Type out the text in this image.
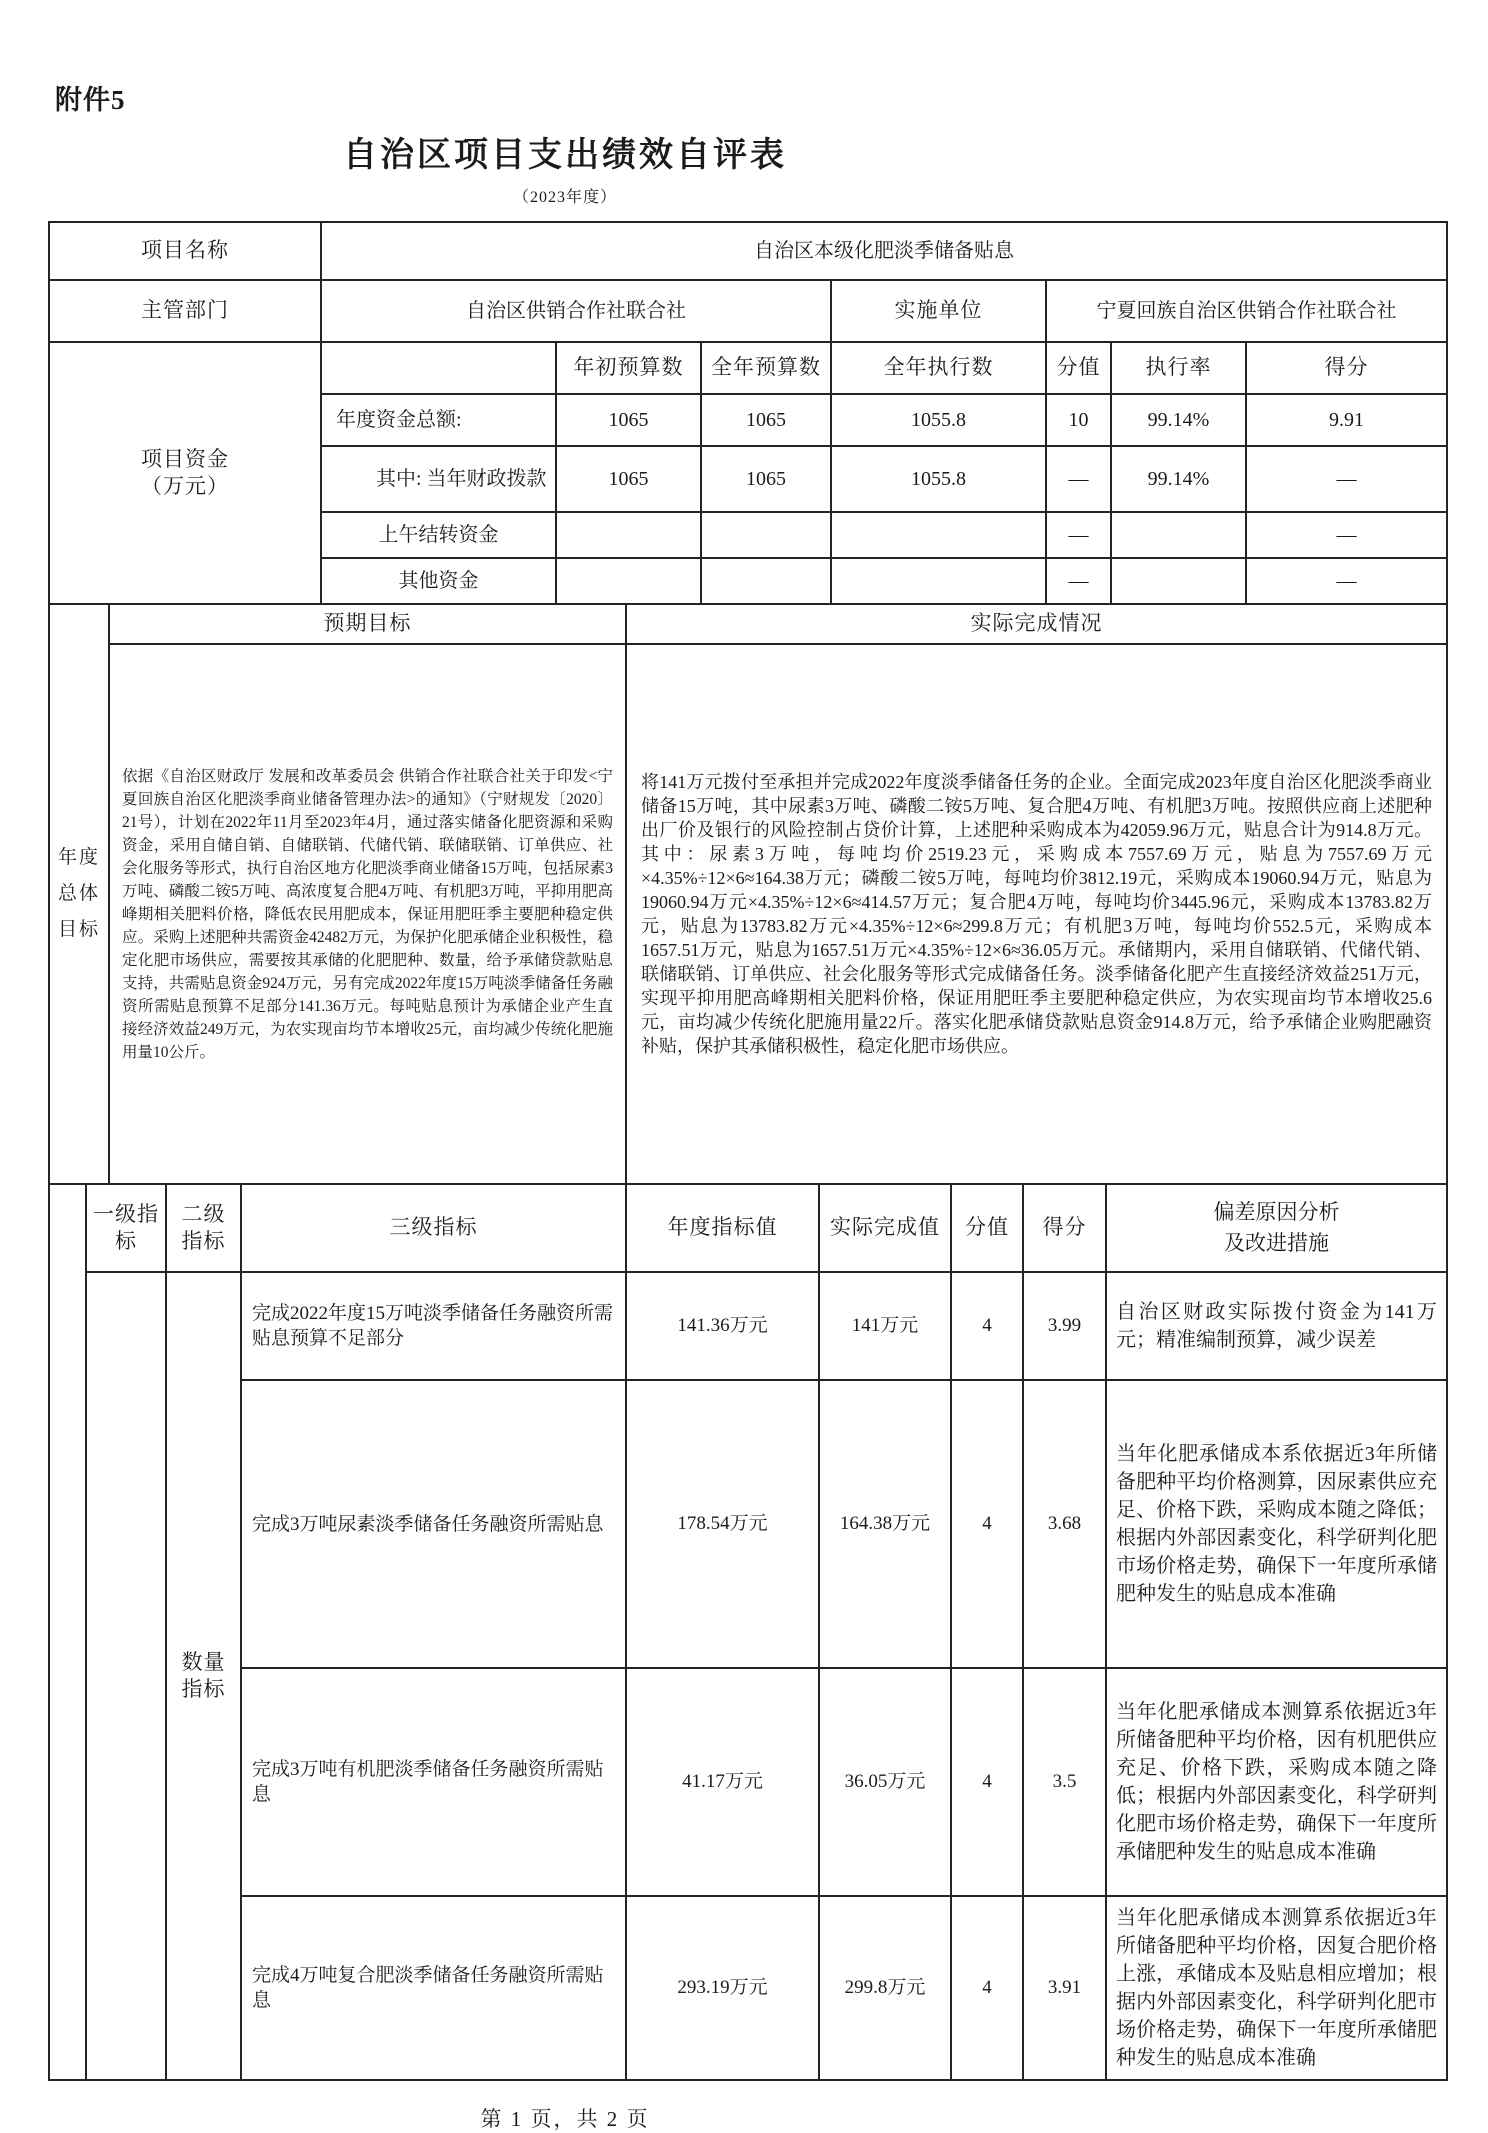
附件5
自治区项目支出绩效自评表
（2023年度）
项目名称	自治区本级化肥淡季储备贴息						
主管部门	自治区供销合作社联合社			实施单位	宁夏回族自治区供销合作社联合社		

项目资金
（万元）		年初预算数	全年预算数	全年执行数	分值	执行率	得分
	年度资金总额:	1065	1065	1055.8	10	99.14%	9.91
	其中: 当年财政拨款	1065	1065	1055.8	—	99.14%	—
	上午结转资金				—		—
	其他资金				—		—
年度总体目标	预期目标	实际完成情况
依据《自治区财政厅 发展和改革委员会 供销合作社联合社关于印发<宁夏回族自治区化肥淡季商业储备管理办法>的通知》（宁财规发〔2020〕21号），计划在2022年11月至2023年4月，通过落实储备化肥资源和采购资金，采用自储自销、自储联销、代储代销、联储联销、订单供应、社会化服务等形式，执行自治区地方化肥淡季商业储备15万吨，包括尿素3万吨、磷酸二铵5万吨、高浓度复合肥4万吨、有机肥3万吨，平抑用肥高峰期相关肥料价格，降低农民用肥成本，保证用肥旺季主要肥种稳定供应。采购上述肥种共需资金42482万元，为保护化肥承储企业积极性，稳定化肥市场供应，需要按其承储的化肥肥种、数量，给予承储贷款贴息支持，共需贴息资金924万元，另有完成2022年度15万吨淡季储备任务融资所需贴息预算不足部分141.36万元。每吨贴息预计为承储企业产生直接经济效益249万元，为农实现亩均节本增收25元，亩均减少传统化肥施用量10公斤。	将141万元拨付至承担并完成2022年度淡季储备任务的企业。全面完成2023年度自治区化肥淡季商业储备15万吨，其中尿素3万吨、磷酸二铵5万吨、复合肥4万吨、有机肥3万吨。按照供应商上述肥种出厂价及银行的风险控制占贷价计算，上述肥种采购成本为42059.96万元，贴息合计为914.8万元。其中：尿素3万吨，每吨均价2519.23元，采购成本7557.69万元，贴息为7557.69万元×4.35%÷12×6≈164.38万元；磷酸二铵5万吨，每吨均价3812.19元，采购成本19060.94万元，贴息为19060.94万元×4.35%÷12×6≈414.57万元；复合肥4万吨，每吨均价3445.96元，采购成本13783.82万元，贴息为13783.82万元×4.35%÷12×6≈299.8万元；有机肥3万吨，每吨均价552.5元，采购成本1657.51万元，贴息为1657.51万元×4.35%÷12×6≈36.05万元。承储期内，采用自储联销、代储代销、联储联销、订单供应、社会化服务等形式完成储备任务。淡季储备化肥产生直接经济效益251万元，实现平抑用肥高峰期相关肥料价格，保证用肥旺季主要肥种稳定供应，为农实现亩均节本增收25.6元，亩均减少传统化肥施用量22斤。落实化肥承储贷款贴息资金914.8万元，给予承储企业购肥融资补贴，保护其承储积极性，稳定化肥市场供应。
	一级指标	二级指标	三级指标	年度指标值	实际完成值	分值	得分	偏差原因分析
及改进措施

		数量指标	完成2022年度15万吨淡季储备任务融资所需贴息预算不足部分	141.36万元	141万元	4	3.99	自治区财政实际拨付资金为141万元；精准编制预算，减少误差
			完成3万吨尿素淡季储备任务融资所需贴息	178.54万元	164.38万元	4	3.68	当年化肥承储成本系依据近3年所储备肥种平均价格测算，因尿素供应充足、价格下跌，采购成本随之降低；根据内外部因素变化，科学研判化肥市场价格走势，确保下一年度所承储肥种发生的贴息成本准确
			完成3万吨有机肥淡季储备任务融资所需贴息	41.17万元	36.05万元	4	3.5	当年化肥承储成本测算系依据近3年所储备肥种平均价格，因有机肥供应充足、价格下跌，采购成本随之降低；根据内外部因素变化，科学研判化肥市场价格走势，确保下一年度所承储肥种发生的贴息成本准确
			完成4万吨复合肥淡季储备任务融资所需贴息	293.19万元	299.8万元	4	3.91	当年化肥承储成本测算系依据近3年所储备肥种平均价格，因复合肥价格上涨，承储成本及贴息相应增加；根据内外部因素变化，科学研判化肥市场价格走势，确保下一年度所承储肥种发生的贴息成本准确
第 1 页，共 2 页
